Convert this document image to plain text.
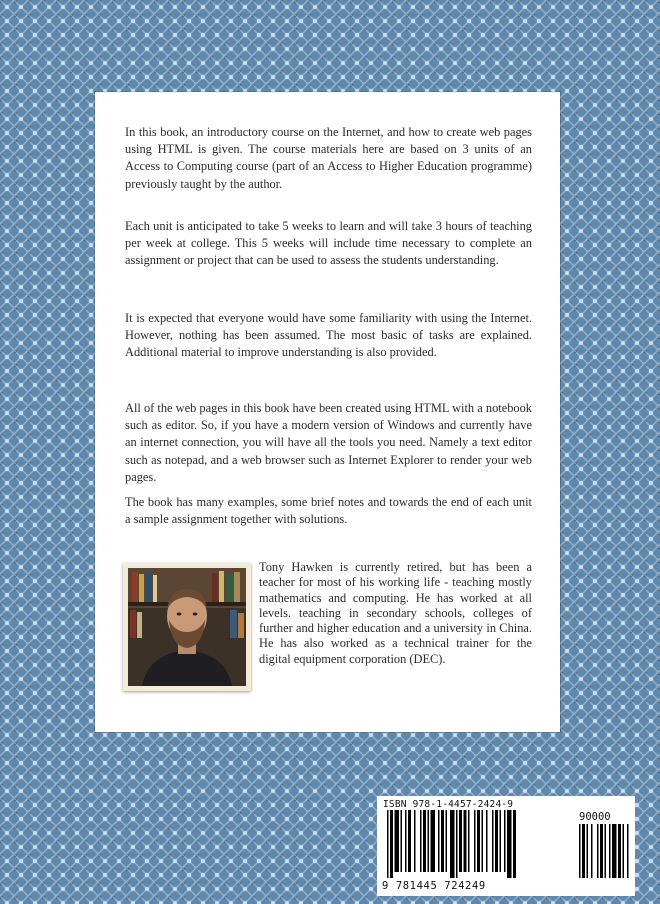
In this book, an introductory course on the Internet, and how to create web pages using HTML is given. The course materials here are based on 3 units of an Access to Computing course (part of an Access to Higher Education programme) previously taught by the author.

Each unit is anticipated to take 5 weeks to learn and will take 3 hours of teaching per week at college. This 5 weeks will include time necessary to complete an assignment or project that can be used to assess the students understanding.

It is expected that everyone would have some familiarity with using the Internet. However, nothing has been assumed. The most basic of tasks are explained. Additional material to improve understanding is also provided.

All of the web pages in this book have been created using HTML with a notebook such as editor. So, if you have a modern version of Windows and currently have an internet connection, you will have all the tools you need. Namely a text editor such as notepad, and a web browser such as Internet Explorer to render your web pages.

The book has many examples, some brief notes and towards the end of each unit a sample assignment together with solutions.

Tony Hawken is currently retired, but has been a teacher for most of his working life - teaching mostly mathematics and computing. He has worked at all levels. teaching in secondary schools, colleges of further and higher education and a university in China. He has also worked as a technical trainer for the digital equipment corporation (DEC).

ISBN 978-1-4457-2424-9
90000
9 781445 724249
